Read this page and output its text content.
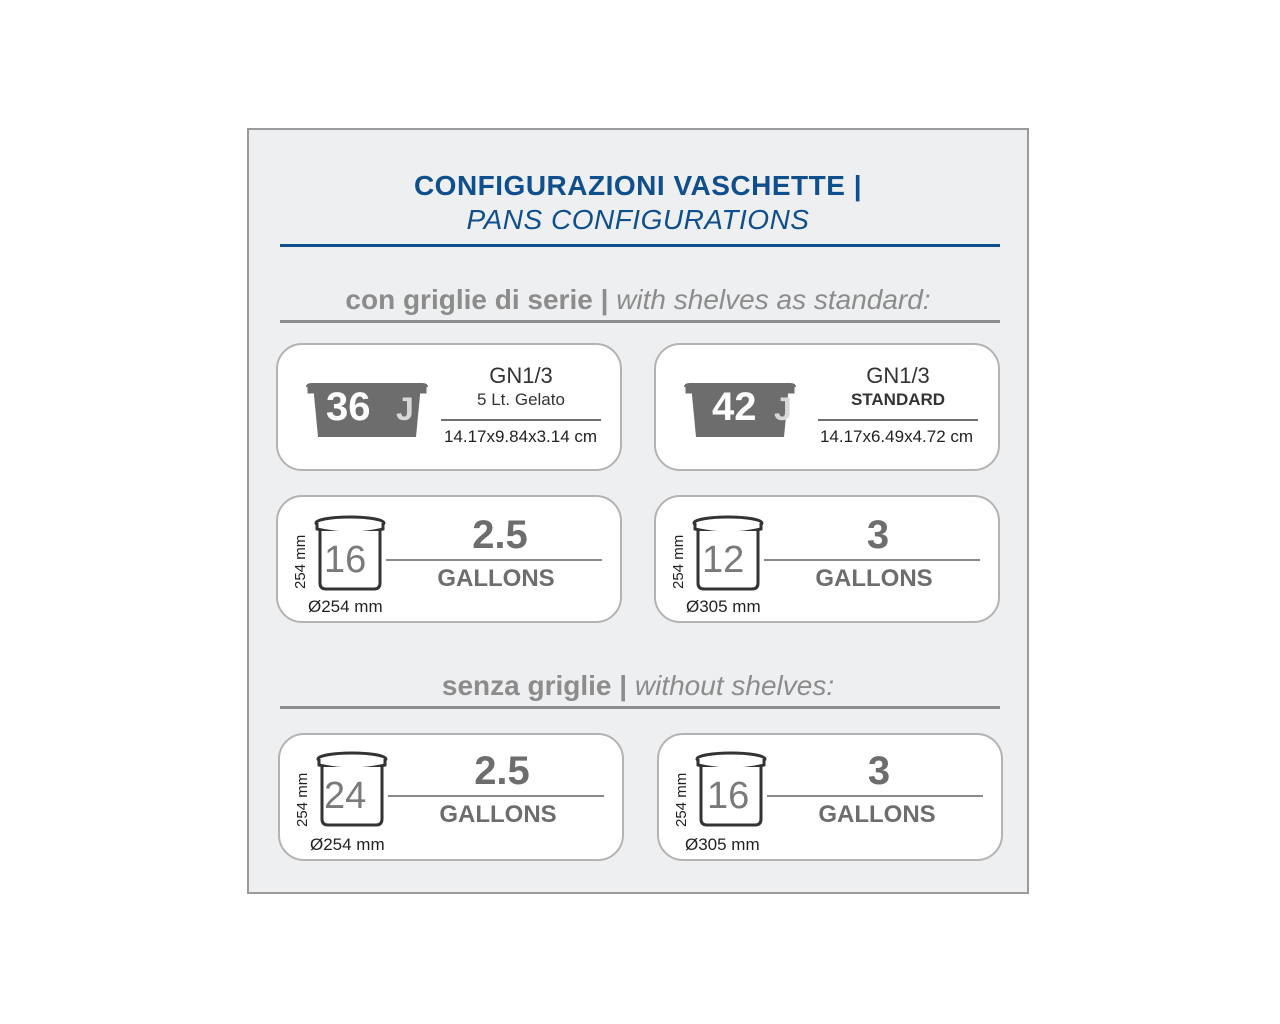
CONFIGURAZIONI VASCHETTE |
PANS CONFIGURATIONS
con griglie di serie | with shelves as standard:
36 J
GN1/3
5 Lt. Gelato
14.17x9.84x3.14 cm
42 J
GN1/3
STANDARD
14.17x6.49x4.72 cm
16
254 mm
Ø254 mm
2.5
GALLONS	12
254 mm
Ø305 mm
3
GALLONS
senza griglie | without shelves:
24
254 mm
Ø254 mm
2.5
GALLONS	16
254 mm
Ø305 mm
3
GALLONS
